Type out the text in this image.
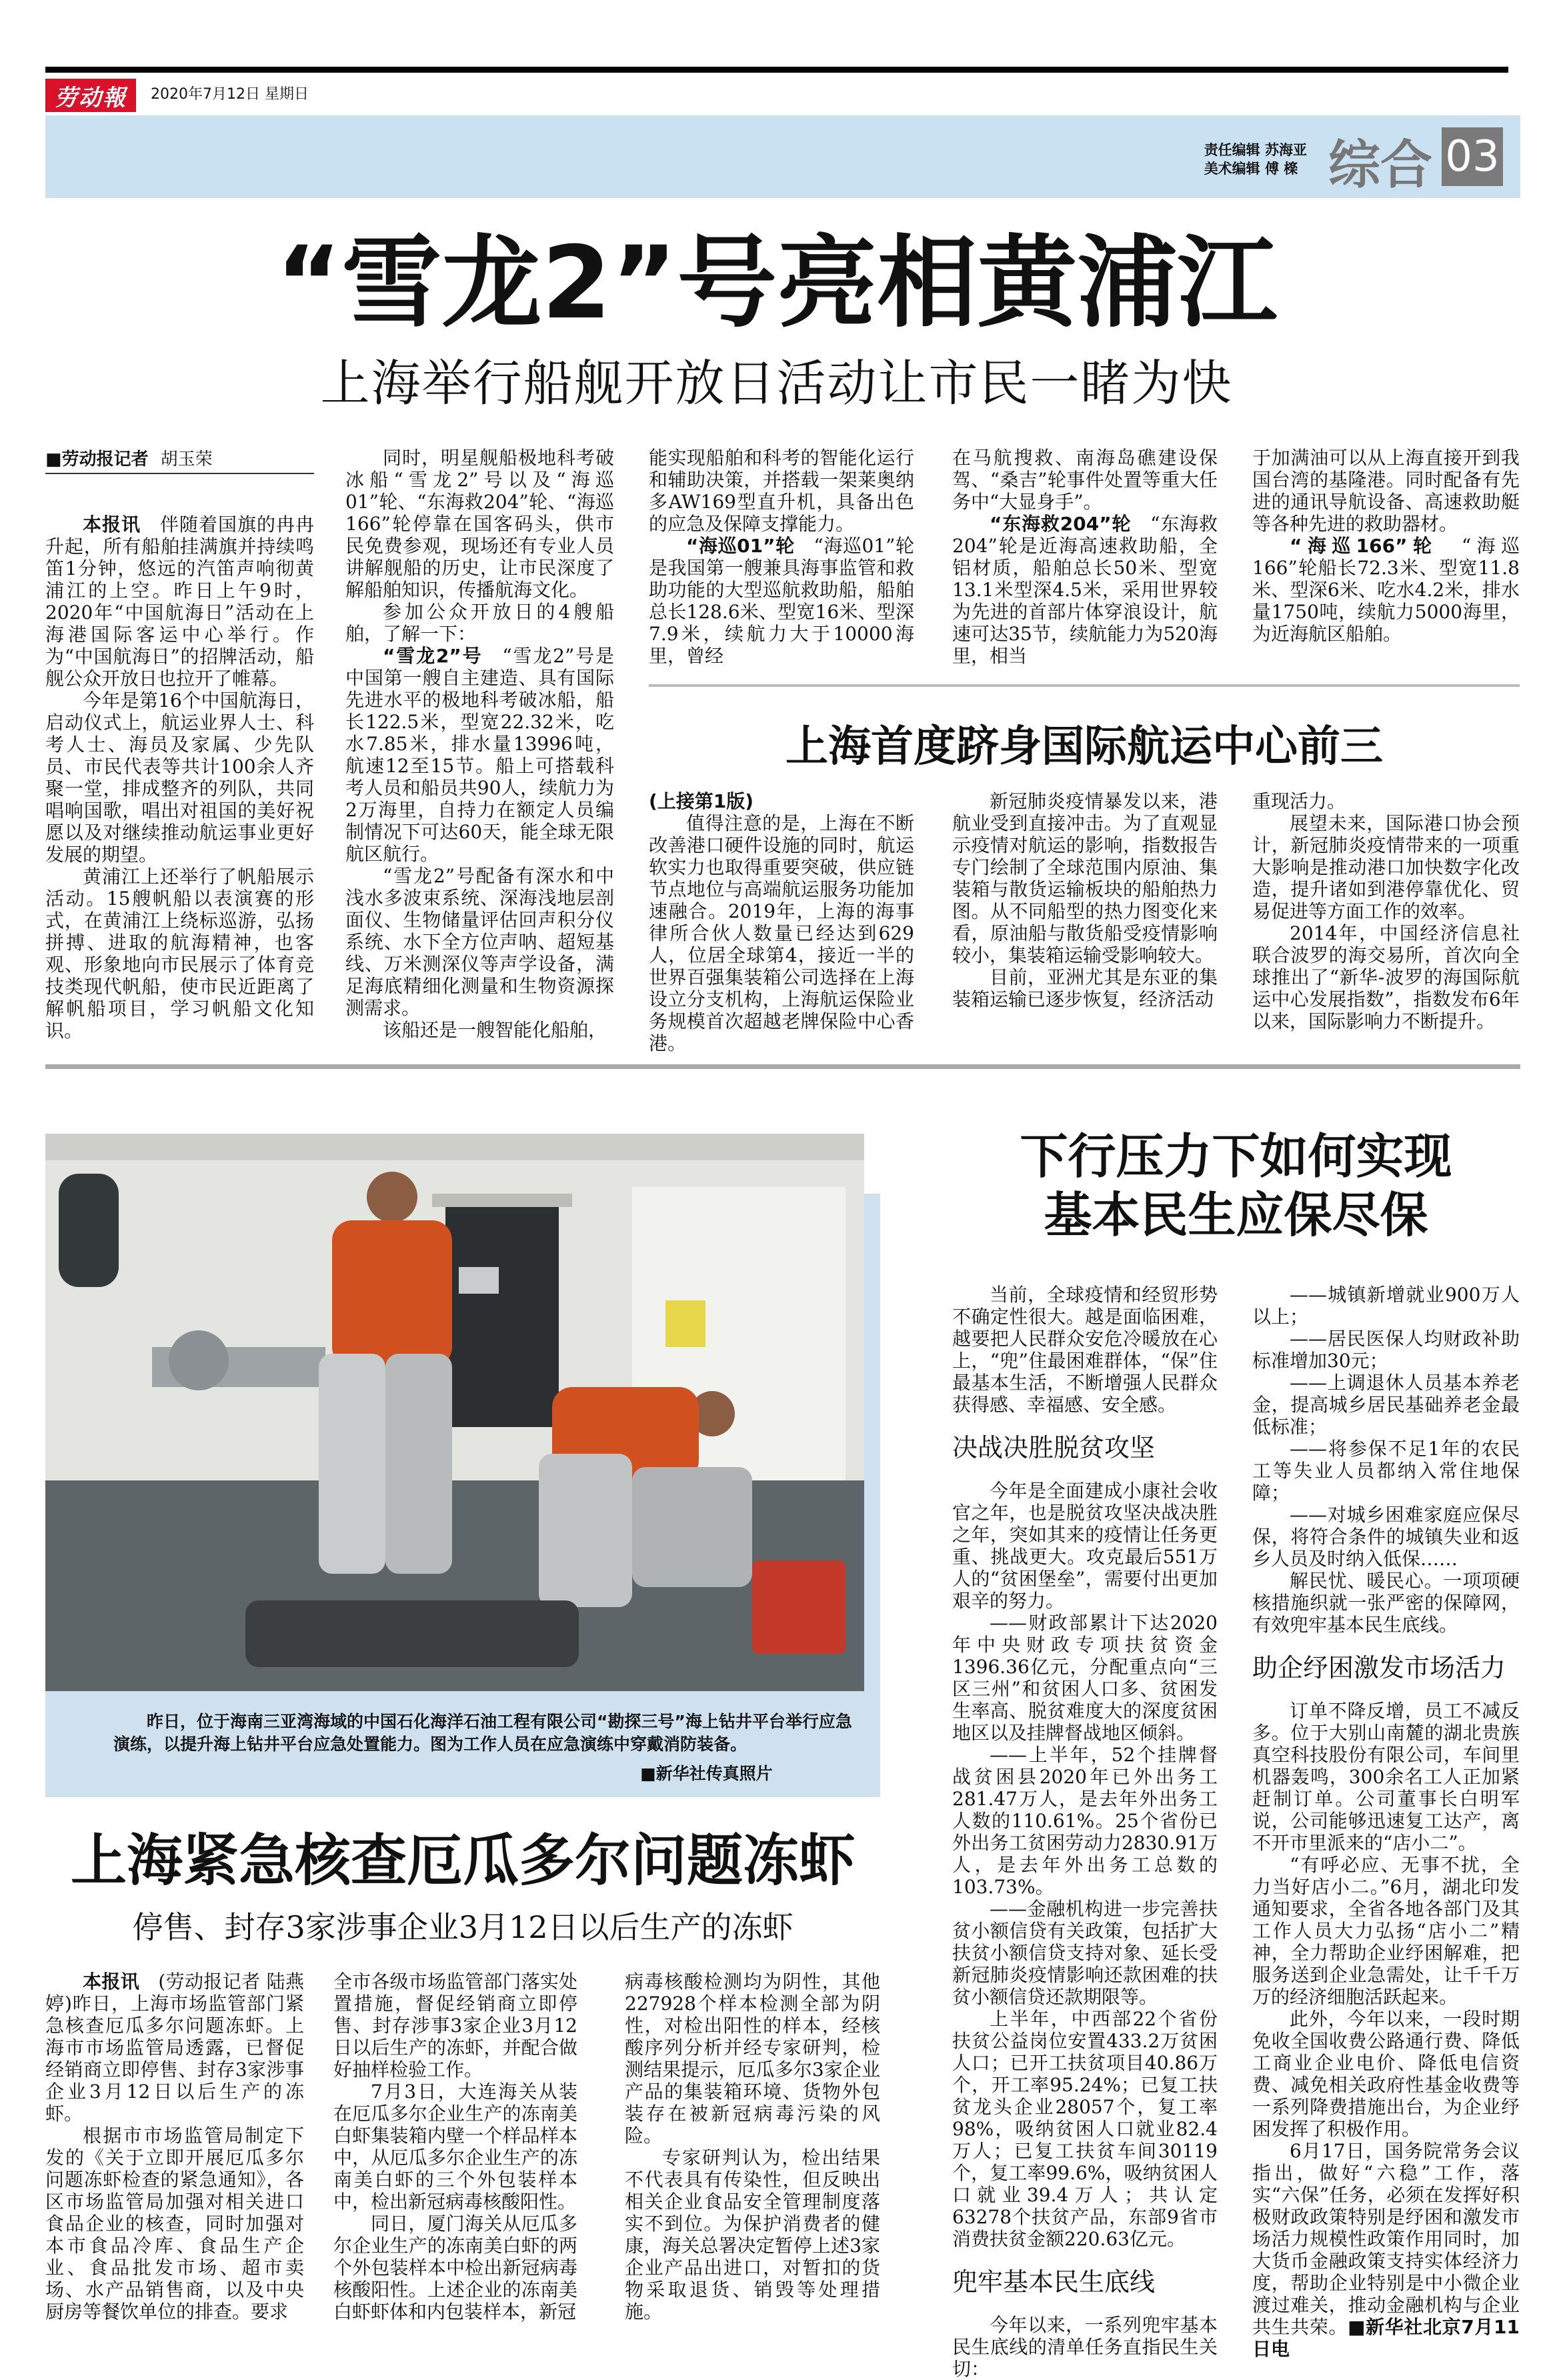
劳动報	2020年7月12日 星期日
责任编辑 苏海亚
美术编辑 傅 檪 综合 03
“雪龙2”号亮相黄浦江
上海举行船舰开放日活动让市民一睹为快
■劳动报记者 胡玉荣

本报讯　 伴随着国旗的冉冉升起，所有船舶挂满旗并持续鸣笛1分钟，悠远的汽笛声响彻黄浦江的上空。昨日上午9时，2020年“中国航海日”活动在上海港国际客运中心举行。作为“中国航海日”的招牌活动，船舰公众开放日也拉开了帷幕。

今年是第16个中国航海日，启动仪式上，航运业界人士、科考人士、海员及家属、少先队员、市民代表等共计100余人齐聚一堂，排成整齐的列队，共同唱响国歌，唱出对祖国的美好祝愿以及对继续推动航运事业更好发展的期望。

黄浦江上还举行了帆船展示活动。15艘帆船以表演赛的形式，在黄浦江上绕标巡游，弘扬拼搏、进取的航海精神，也客观、形象地向市民展示了体育竞技类现代帆船，使市民近距离了解帆船项目，学习帆船文化知识。

同时，明星舰船极地科考破冰船“雪龙2”号以及“海巡01”轮、“东海救204”轮、“海巡166”轮停靠在国客码头，供市民免费参观，现场还有专业人员讲解舰船的历史，让市民深度了解船舶知识，传播航海文化。

参加公众开放日的4艘船舶，了解一下：

“雪龙2”号　 “雪龙2”号是中国第一艘自主建造、具有国际先进水平的极地科考破冰船，船长122.5米，型宽22.32米，吃水7.85米，排水量13996吨，航速12至15节。船上可搭载科考人员和船员共90人，续航力为2万海里，自持力在额定人员编制情况下可达60天，能全球无限航区航行。

“雪龙2”号配备有深水和中浅水多波束系统、深海浅地层剖面仪、生物储量评估回声积分仪系统、水下全方位声呐、超短基线、万米测深仪等声学设备，满足海底精细化测量和生物资源探测需求。

该船还是一艘智能化船舶，

能实现船舶和科考的智能化运行和辅助决策，并搭载一架莱奥纳多AW169型直升机，具备出色的应急及保障支撑能力。

“海巡01”轮　 “海巡01”轮是我国第一艘兼具海事监管和救助功能的大型巡航救助船，船舶总长128.6米、型宽16米、型深7.9米，续航力大于10000海里，曾经

在马航搜救、南海岛礁建设保驾、“桑吉”轮事件处置等重大任务中“大显身手”。

“东海救204”轮　 “东海救204”轮是近海高速救助船，全铝材质，船舶总长50米、型宽13.1米型深4.5米，采用世界较为先进的首部片体穿浪设计，航速可达35节，续航能力为520海里，相当

于加满油可以从上海直接开到我国台湾的基隆港。同时配备有先进的通讯导航设备、高速救助艇等各种先进的救助器材。

“海巡166”轮　 “海巡166”轮船长72.3米、型宽11.8米、型深6米、吃水4.2米，排水量1750吨，续航力5000海里，为近海航区船舶。

上海首度跻身国际航运中心前三

(上接第1版)　

值得注意的是，上海在不断改善港口硬件设施的同时，航运软实力也取得重要突破，供应链节点地位与高端航运服务功能加速融合。2019年，上海的海事律所合伙人数量已经达到629人，位居全球第4，接近一半的世界百强集装箱公司选择在上海设立分支机构，上海航运保险业务规模首次超越老牌保险中心香港。

新冠肺炎疫情暴发以来，港航业受到直接冲击。为了直观显示疫情对航运的影响，指数报告专门绘制了全球范围内原油、集装箱与散货运输板块的船舶热力图。从不同船型的热力图变化来看，原油船与散货船受疫情影响较小，集装箱运输受影响较大。

目前，亚洲尤其是东亚的集装箱运输已逐步恢复，经济活动

重现活力。

展望未来，国际港口协会预计，新冠肺炎疫情带来的一项重大影响是推动港口加快数字化改造，提升诸如到港停靠优化、贸易促进等方面工作的效率。

2014年，中国经济信息社联合波罗的海交易所，首次向全球推出了“新华-波罗的海国际航运中心发展指数”，指数发布6年以来，国际影响力不断提升。

昨日，位于海南三亚湾海域的中国石化海洋石油工程有限公司“勘探三号”海上钻井平台举行应急演练，以提升海上钻井平台应急处置能力。图为工作人员在应急演练中穿戴消防装备。
■新华社传真照片
下行压力下如何实现
基本民生应保尽保

当前，全球疫情和经贸形势不确定性很大。越是面临困难，越要把人民群众安危冷暖放在心上，“兜”住最困难群体，“保”住最基本生活，不断增强人民群众获得感、幸福感、安全感。

决战决胜脱贫攻坚

今年是全面建成小康社会收官之年，也是脱贫攻坚决战决胜之年，突如其来的疫情让任务更重、挑战更大。攻克最后551万人的“贫困堡垒”，需要付出更加艰辛的努力。

——财政部累计下达2020年中央财政专项扶贫资金1396.36亿元，分配重点向“三区三州”和贫困人口多、贫困发生率高、脱贫难度大的深度贫困地区以及挂牌督战地区倾斜。

——上半年，52个挂牌督战贫困县2020年已外出务工281.47万人，是去年外出务工人数的110.61%。25个省份已外出务工贫困劳动力2830.91万人，是去年外出务工总数的103.73%。

——金融机构进一步完善扶贫小额信贷有关政策，包括扩大扶贫小额信贷支持对象、延长受新冠肺炎疫情影响还款困难的扶贫小额信贷还款期限等。

上半年，中西部22个省份扶贫公益岗位安置433.2万贫困人口；已开工扶贫项目40.86万个，开工率95.24%；已复工扶贫龙头企业28057个，复工率98%，吸纳贫困人口就业82.4万人；已复工扶贫车间30119个，复工率99.6%，吸纳贫困人口就业39.4万人；共认定63278个扶贫产品，东部9省市消费扶贫金额220.63亿元。

兜牢基本民生底线

今年以来，一系列兜牢基本民生底线的清单任务直指民生关切：

——城镇新增就业900万人以上；

——居民医保人均财政补助标准增加30元；

——上调退休人员基本养老金，提高城乡居民基础养老金最低标准；

——将参保不足1年的农民工等失业人员都纳入常住地保障；

——对城乡困难家庭应保尽保，将符合条件的城镇失业和返乡人员及时纳入低保……

解民忧、暖民心。一项项硬核措施织就一张严密的保障网，有效兜牢基本民生底线。

助企纾困激发市场活力

订单不降反增，员工不减反多。位于大别山南麓的湖北贵族真空科技股份有限公司，车间里机器轰鸣，300余名工人正加紧赶制订单。公司董事长白明军说，公司能够迅速复工达产，离不开市里派来的“店小二”。

“有呼必应、无事不扰，全力当好店小二。”6月，湖北印发通知要求，全省各地各部门及其工作人员大力弘扬“店小二”精神，全力帮助企业纾困解难，把服务送到企业急需处，让千千万万的经济细胞活跃起来。

此外，今年以来，一段时期免收全国收费公路通行费、降低工商业企业电价、降低电信资费、减免相关政府性基金收费等一系列降费措施出台，为企业纾困发挥了积极作用。

6月17日，国务院常务会议指出，做好“六稳”工作，落实“六保”任务，必须在发挥好积极财政政策特别是纾困和激发市场活力规模性政策作用同时，加大货币金融政策支持实体经济力度，帮助企业特别是中小微企业渡过难关，推动金融机构与企业共生共荣。■新华社北京7月11日电

上海紧急核查厄瓜多尔问题冻虾
停售、封存3家涉事企业3月12日以后生产的冻虾

本报讯　 (劳动报记者 陆燕婷)昨日，上海市场监管部门紧急核查厄瓜多尔问题冻虾。上海市市场监管局透露，已督促经销商立即停售、封存3家涉事企业3月12日以后生产的冻虾。

根据市市场监管局制定下发的《关于立即开展厄瓜多尔问题冻虾检查的紧急通知》，各区市场监管局加强对相关进口食品企业的核查，同时加强对本市食品冷库、食品生产企业、食品批发市场、超市卖场、水产品销售商，以及中央厨房等餐饮单位的排查。要求

全市各级市场监管部门落实处置措施，督促经销商立即停售、封存涉事3家企业3月12日以后生产的冻虾，并配合做好抽样检验工作。

7月3日，大连海关从装在厄瓜多尔企业生产的冻南美白虾集装箱内壁一个样品样本中，从厄瓜多尔企业生产的冻南美白虾的三个外包装样本中，检出新冠病毒核酸阳性。

同日，厦门海关从厄瓜多尔企业生产的冻南美白虾的两个外包装样本中检出新冠病毒核酸阳性。上述企业的冻南美白虾虾体和内包装样本，新冠

病毒核酸检测均为阴性，其他227928个样本检测全部为阴性，对检出阳性的样本，经核酸序列分析并经专家研判，检测结果提示，厄瓜多尔3家企业产品的集装箱环境、货物外包装存在被新冠病毒污染的风险。

专家研判认为，检出结果不代表具有传染性，但反映出相关企业食品安全管理制度落实不到位。为保护消费者的健康，海关总署决定暂停上述3家企业产品出进口，对暂扣的货物采取退货、销毁等处理措施。
